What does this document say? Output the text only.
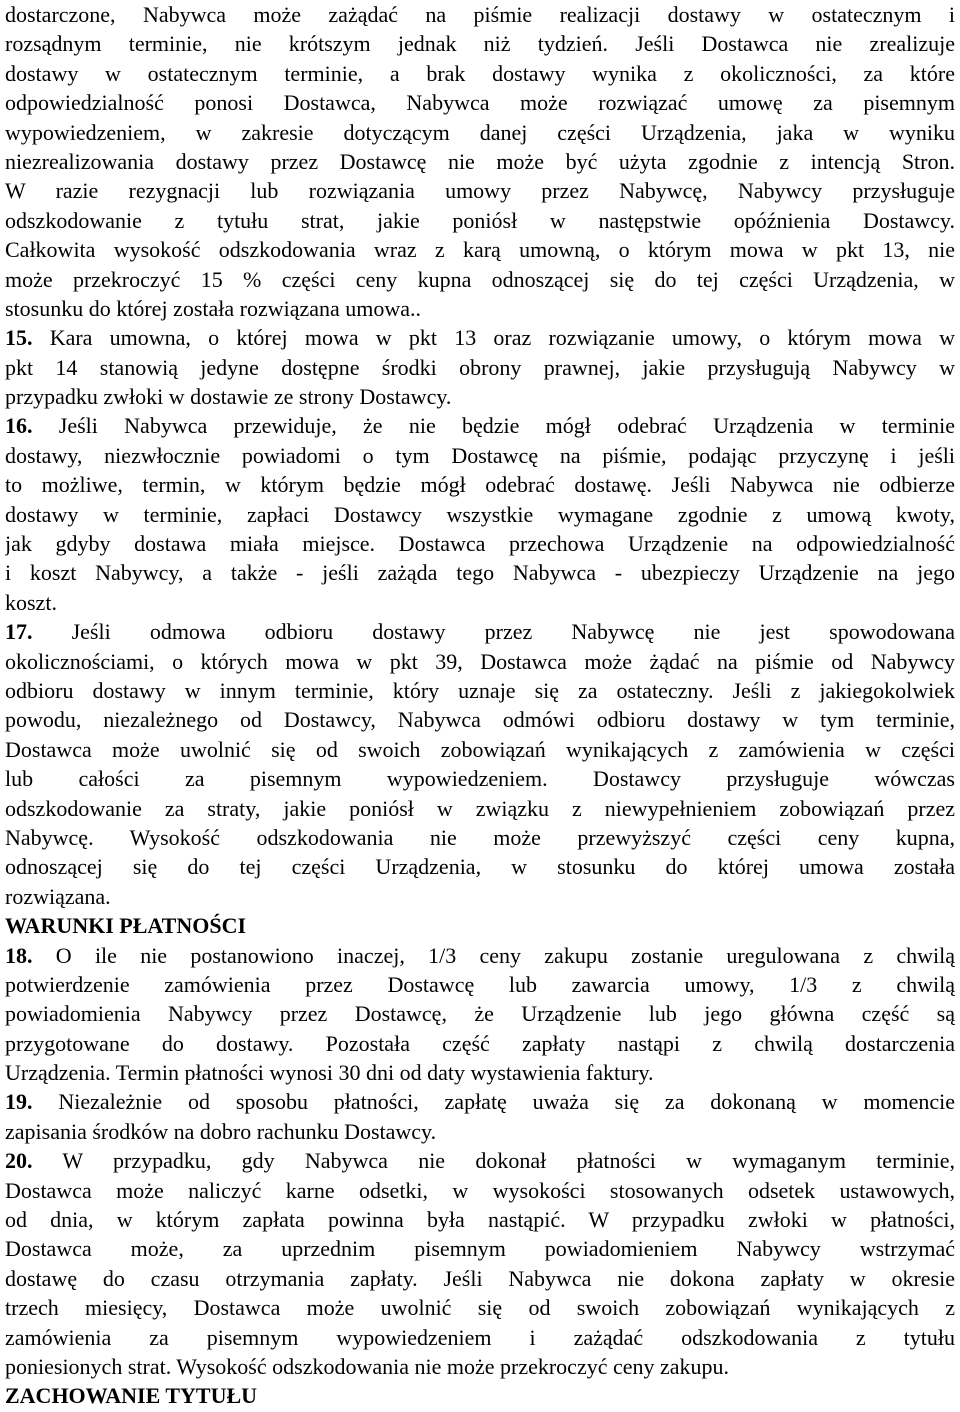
dostarczone, Nabywca może zażądać na piśmie realizacji dostawy w ostatecznym i
rozsądnym terminie, nie krótszym jednak niż tydzień. Jeśli Dostawca nie zrealizuje
dostawy w ostatecznym terminie, a brak dostawy wynika z okoliczności, za które
odpowiedzialność ponosi Dostawca, Nabywca może rozwiązać umowę za pisemnym
wypowiedzeniem, w zakresie dotyczącym danej części Urządzenia, jaka w wyniku
niezrealizowania dostawy przez Dostawcę nie może być użyta zgodnie z intencją Stron.
W razie rezygnacji lub rozwiązania umowy przez Nabywcę, Nabywcy przysługuje
odszkodowanie z tytułu strat, jakie poniósł w następstwie opóźnienia Dostawcy.
Całkowita wysokość odszkodowania wraz z karą umowną, o którym mowa w pkt 13, nie
może przekroczyć 15 % części ceny kupna odnoszącej się do tej części Urządzenia, w
stosunku do której została rozwiązana umowa..
15. Kara umowna, o której mowa w pkt 13 oraz rozwiązanie umowy, o którym mowa w
pkt 14 stanowią jedyne dostępne środki obrony prawnej, jakie przysługują Nabywcy w
przypadku zwłoki w dostawie ze strony Dostawcy.
16. Jeśli Nabywca przewiduje, że nie będzie mógł odebrać Urządzenia w terminie
dostawy, niezwłocznie powiadomi o tym Dostawcę na piśmie, podając przyczynę i jeśli
to możliwe, termin, w którym będzie mógł odebrać dostawę. Jeśli Nabywca nie odbierze
dostawy w terminie, zapłaci Dostawcy wszystkie wymagane zgodnie z umową kwoty,
jak gdyby dostawa miała miejsce. Dostawca przechowa Urządzenie na odpowiedzialność
i koszt Nabywcy, a także - jeśli zażąda tego Nabywca - ubezpieczy Urządzenie na jego
koszt.
17. Jeśli odmowa odbioru dostawy przez Nabywcę nie jest spowodowana
okolicznościami, o których mowa w pkt 39, Dostawca może żądać na piśmie od Nabywcy
odbioru dostawy w innym terminie, który uznaje się za ostateczny. Jeśli z jakiegokolwiek
powodu, niezależnego od Dostawcy, Nabywca odmówi odbioru dostawy w tym terminie,
Dostawca może uwolnić się od swoich zobowiązań wynikających z zamówienia w części
lub całości za pisemnym wypowiedzeniem. Dostawcy przysługuje wówczas
odszkodowanie za straty, jakie poniósł w związku z niewypełnieniem zobowiązań przez
Nabywcę. Wysokość odszkodowania nie może przewyższyć części ceny kupna,
odnoszącej się do tej części Urządzenia, w stosunku do której umowa została
rozwiązana.
WARUNKI PŁATNOŚCI
18. O ile nie postanowiono inaczej, 1/3 ceny zakupu zostanie uregulowana z chwilą
potwierdzenie zamówienia przez Dostawcę lub zawarcia umowy, 1/3 z chwilą
powiadomienia Nabywcy przez Dostawcę, że Urządzenie lub jego główna część są
przygotowane do dostawy. Pozostała część zapłaty nastąpi z chwilą dostarczenia
Urządzenia. Termin płatności wynosi 30 dni od daty wystawienia faktury.
19. Niezależnie od sposobu płatności, zapłatę uważa się za dokonaną w momencie
zapisania środków na dobro rachunku Dostawcy.
20. W przypadku, gdy Nabywca nie dokonał płatności w wymaganym terminie,
Dostawca może naliczyć karne odsetki, w wysokości stosowanych odsetek ustawowych,
od dnia, w którym zapłata powinna była nastąpić. W przypadku zwłoki w płatności,
Dostawca może, za uprzednim pisemnym powiadomieniem Nabywcy wstrzymać
dostawę do czasu otrzymania zapłaty. Jeśli Nabywca nie dokona zapłaty w okresie
trzech miesięcy, Dostawca może uwolnić się od swoich zobowiązań wynikających z
zamówienia za pisemnym wypowiedzeniem i zażądać odszkodowania z tytułu
poniesionych strat. Wysokość odszkodowania nie może przekroczyć ceny zakupu.
ZACHOWANIE TYTUŁU
